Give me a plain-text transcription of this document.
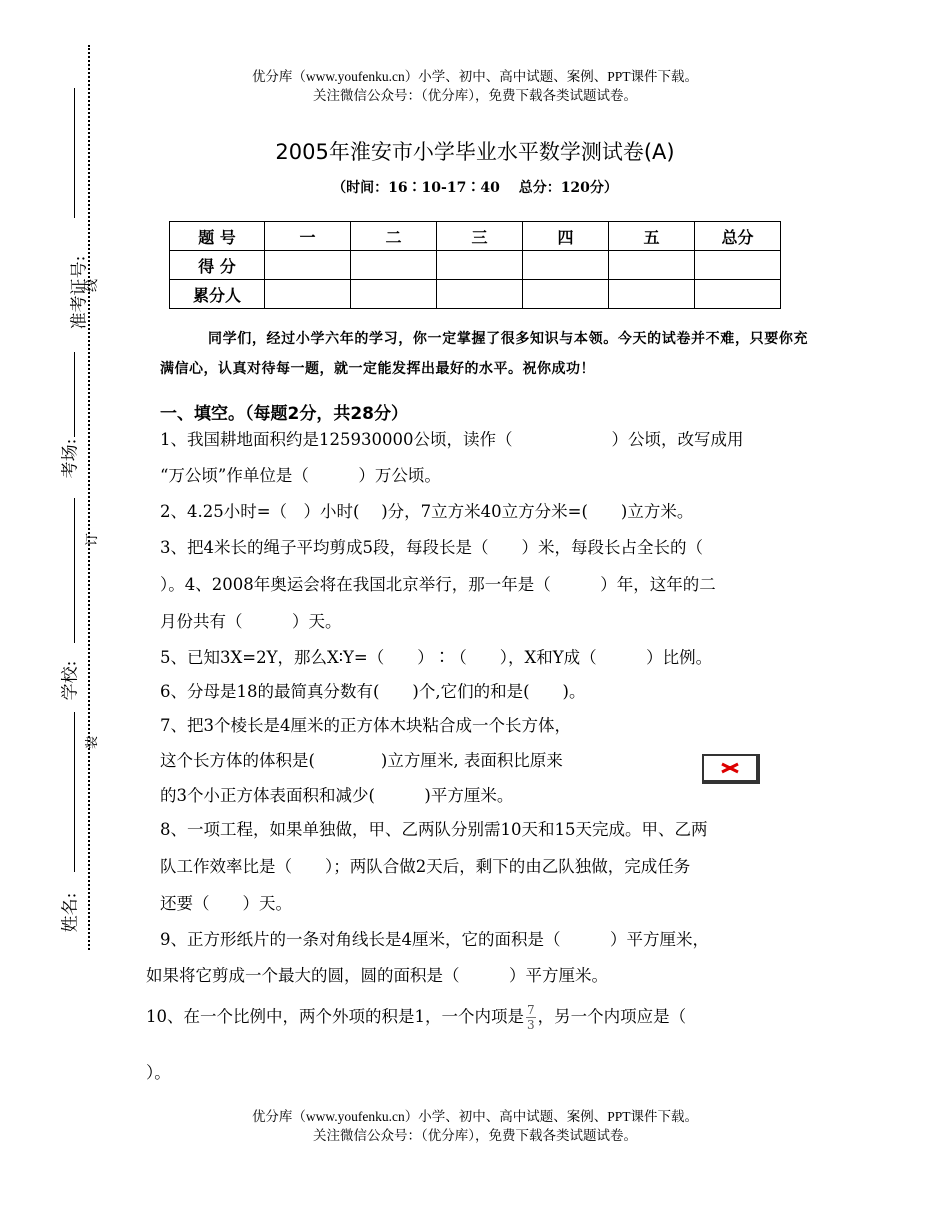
准考证号:
考场:
学校:
姓名:
线
订
装
优分库（www.youfenku.cn）小学、初中、高中试题、案例、PPT课件下载。
关注微信公众号：（优分库），免费下载各类试题试卷。
2005年淮安市小学毕业水平数学测试卷(A)
（时间：16∶10-17∶40　 总分：120分）
题 号	一	二	三	四	五	总分
得 分						
累分人						
同学们，经过小学六年的学习，你一定掌握了很多知识与本领。今天的试卷并不难，只要你充满信心，认真对待每一题，就一定能发挥出最好的水平。祝你成功！
一、填空。（每题2分，共28分）
1、我国耕地面积约是125930000公顷，读作（　　　　　　）公顷，改写成用
“万公顷”作单位是（　　　）万公顷。
2、4.25小时=（　）小时(　 )分，7立方米40立方分米=(　　)立方米。
3、把4米长的绳子平均剪成5段，每段长是（　　）米，每段长占全长的（
）。4、2008年奥运会将在我国北京举行，那一年是（　　　）年，这年的二
月份共有（　　　）天。
5、已知3X=2Y，那么X∶Y=（　　）∶（　　），X和Y成（　　　）比例。
6、分母是18的最简真分数有(　　)个,它们的和是(　　)。
7、把3个棱长是4厘米的正方体木块粘合成一个长方体，
这个长方体的体积是(　　　　)立方厘米, 表面积比原来
的3个小正方体表面积和减少(　　　)平方厘米。
8、一项工程，如果单独做，甲、乙两队分别需10天和15天完成。甲、乙两
队工作效率比是（　　）；两队合做2天后，剩下的由乙队独做，完成任务
还要（　　）天。
9、正方形纸片的一条对角线长是4厘米，它的面积是（　　　）平方厘米，
如果将它剪成一个最大的圆，圆的面积是（　　　）平方厘米。
10、在一个比例中，两个外项的积是1，一个内项是 $\frac{7}{3}$ ，另一个内项应是（
）。
优分库（www.youfenku.cn）小学、初中、高中试题、案例、PPT课件下载。
关注微信公众号：（优分库），免费下载各类试题试卷。
